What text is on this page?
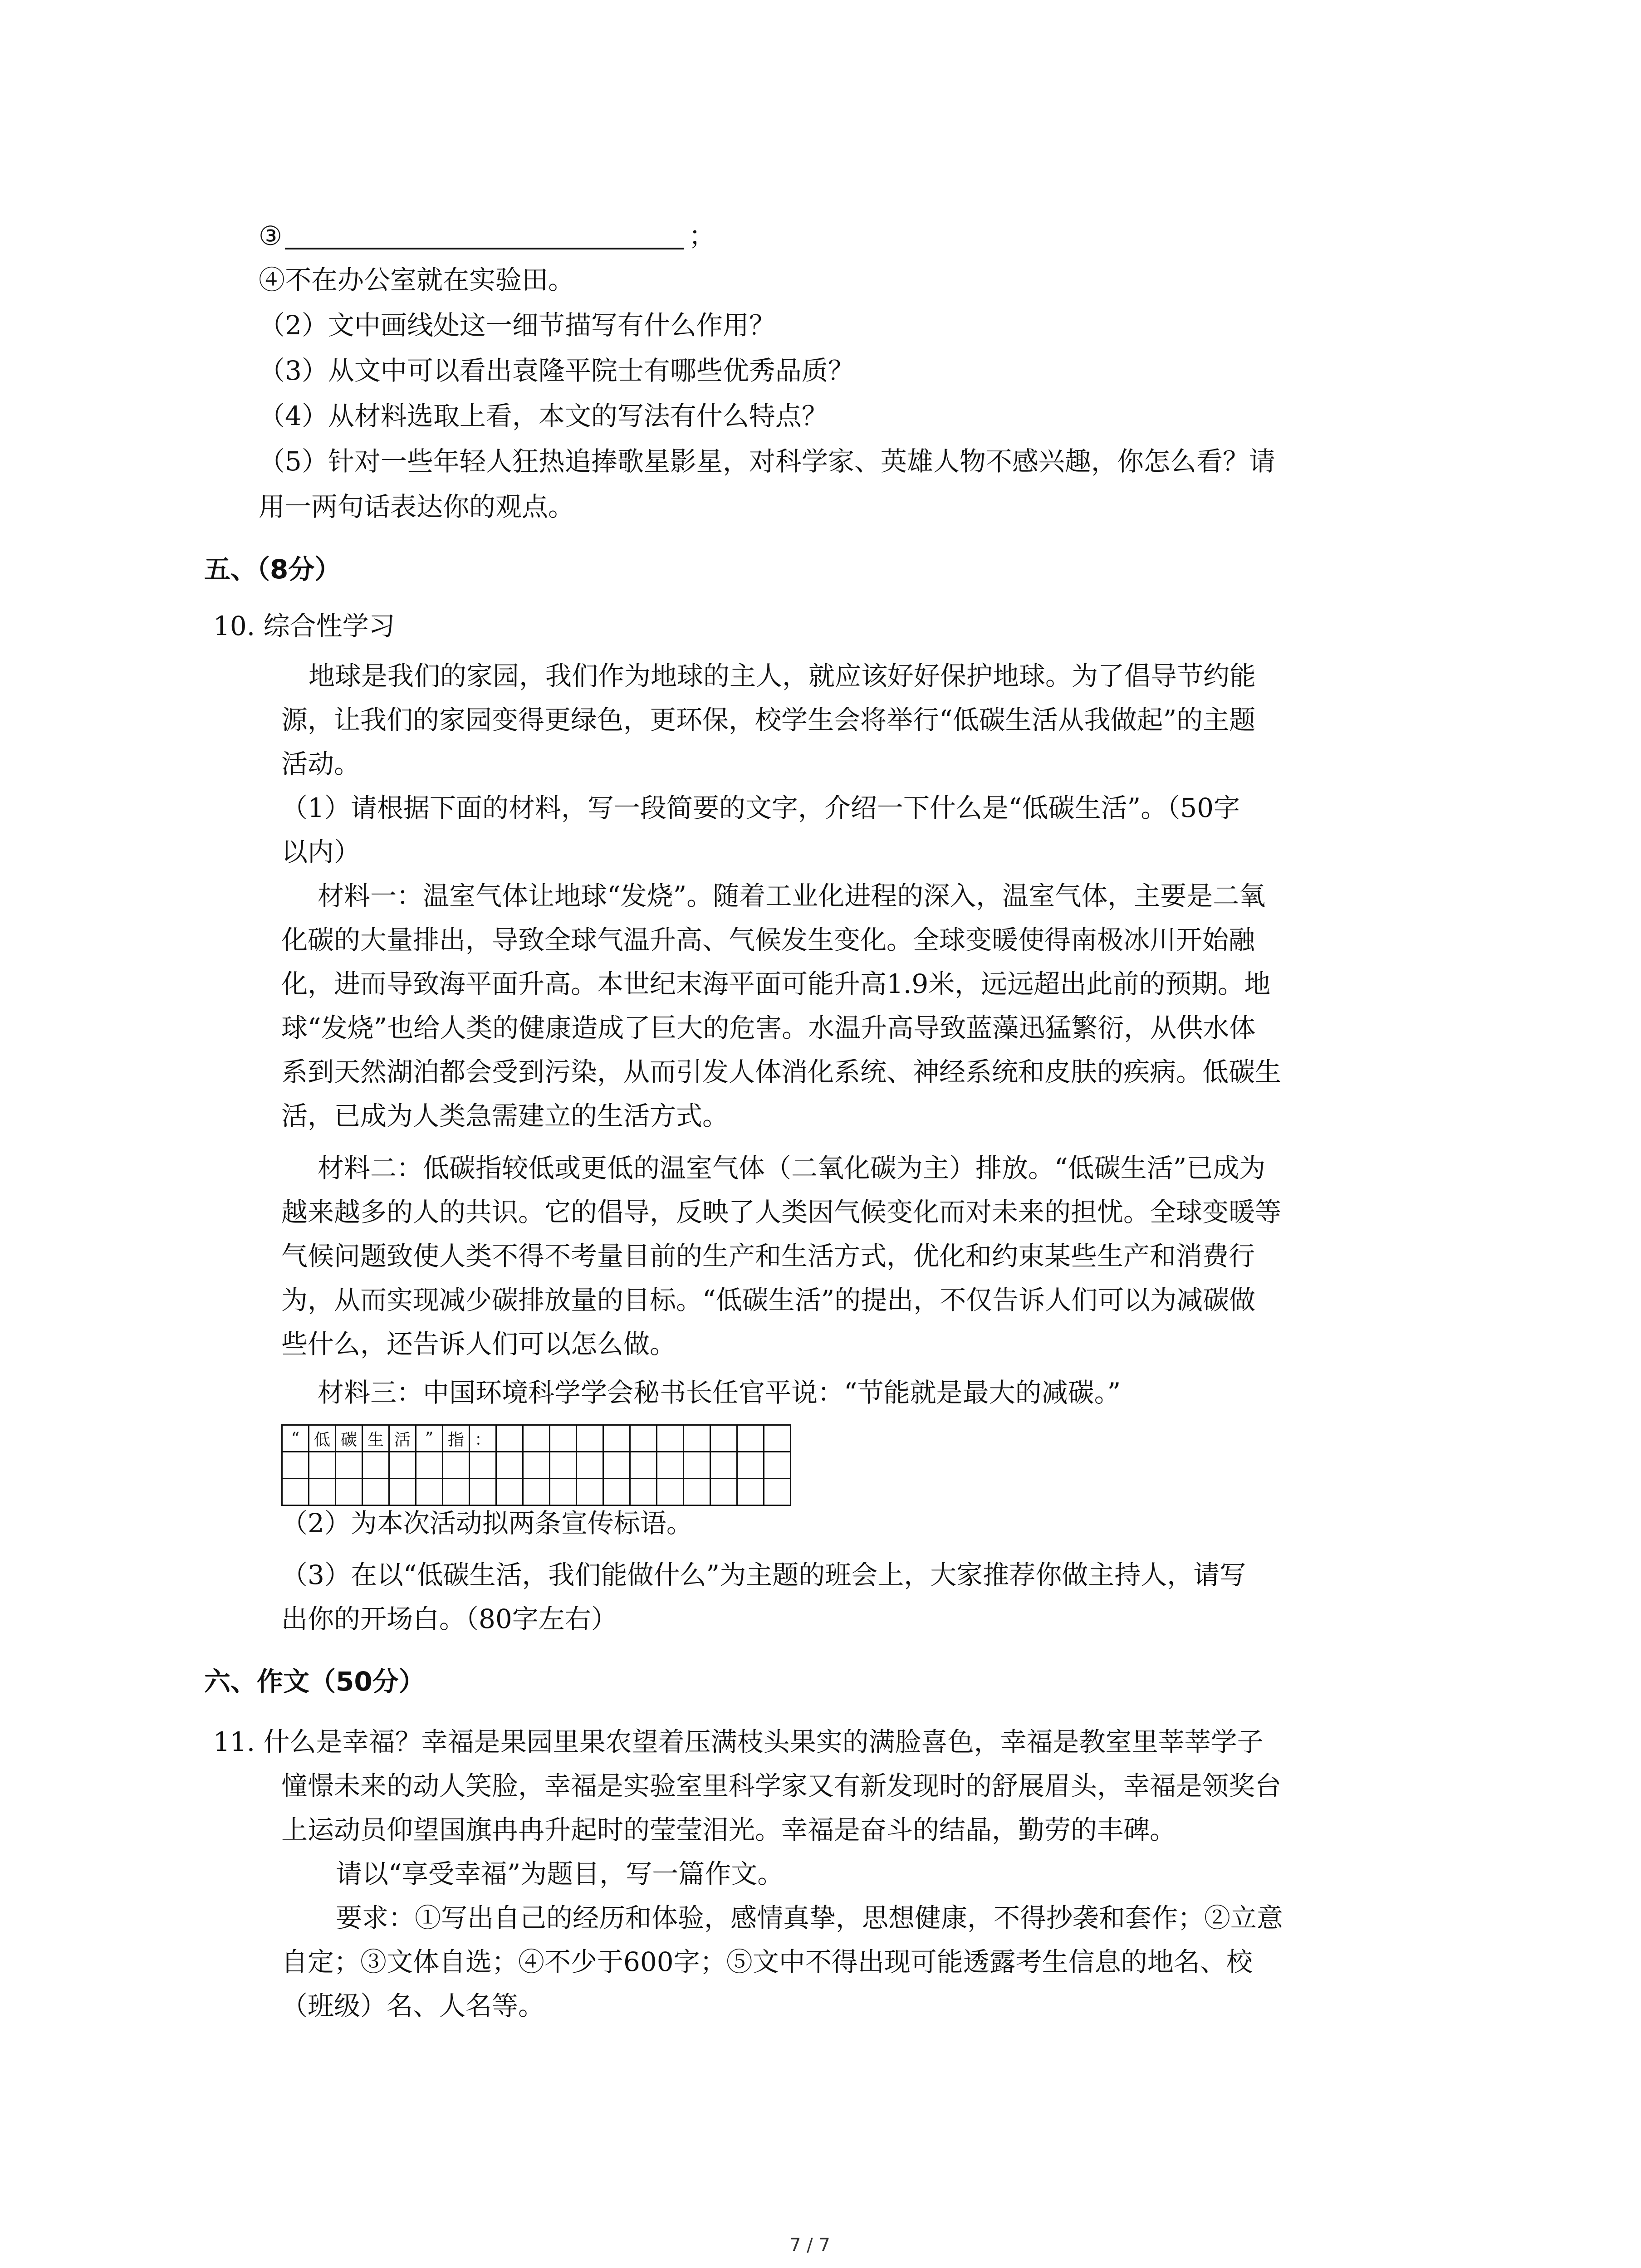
③	；
④不在办公室就在实验田。
（2）文中画线处这一细节描写有什么作用？
（3）从文中可以看出袁隆平院士有哪些优秀品质？
（4）从材料选取上看，本文的写法有什么特点？
（5）针对一些年轻人狂热追捧歌星影星，对科学家、英雄人物不感兴趣，你怎么看？请
用一两句话表达你的观点。
五、（8分）
10. 综合性学习
地球是我们的家园，我们作为地球的主人，就应该好好保护地球。为了倡导节约能
源，让我们的家园变得更绿色，更环保，校学生会将举行“低碳生活从我做起”的主题
活动。
（1）请根据下面的材料，写一段简要的文字，介绍一下什么是“低碳生活”。（50字
以内）
材料一：温室气体让地球“发烧”。随着工业化进程的深入，温室气体，主要是二氧
化碳的大量排出，导致全球气温升高、气候发生变化。全球变暖使得南极冰川开始融
化，进而导致海平面升高。本世纪末海平面可能升高1.9米，远远超出此前的预期。地
球“发烧”也给人类的健康造成了巨大的危害。水温升高导致蓝藻迅猛繁衍，从供水体
系到天然湖泊都会受到污染，从而引发人体消化系统、神经系统和皮肤的疾病。低碳生
活，已成为人类急需建立的生活方式。
材料二：低碳指较低或更低的温室气体（二氧化碳为主）排放。“低碳生活”已成为
越来越多的人的共识。它的倡导，反映了人类因气候变化而对未来的担忧。全球变暖等
气候问题致使人类不得不考量目前的生产和生活方式，优化和约束某些生产和消费行
为，从而实现减少碳排放量的目标。“低碳生活”的提出，不仅告诉人们可以为减碳做
些什么，还告诉人们可以怎么做。
材料三：中国环境科学学会秘书长任官平说：“节能就是最大的减碳。”
“	低	碳	生	活	”	指	：											

（2）为本次活动拟两条宣传标语。
（3）在以“低碳生活，我们能做什么”为主题的班会上，大家推荐你做主持人，请写
出你的开场白。（80字左右）
六、作文（50分）
11. 什么是幸福？幸福是果园里果农望着压满枝头果实的满脸喜色，幸福是教室里莘莘学子
憧憬未来的动人笑脸，幸福是实验室里科学家又有新发现时的舒展眉头，幸福是领奖台
上运动员仰望国旗冉冉升起时的莹莹泪光。幸福是奋斗的结晶，勤劳的丰碑。
请以“享受幸福”为题目，写一篇作文。
要求：①写出自己的经历和体验，感情真挚，思想健康，不得抄袭和套作；②立意
自定；③文体自选；④不少于600字；⑤文中不得出现可能透露考生信息的地名、校
（班级）名、人名等。
7 / 7
